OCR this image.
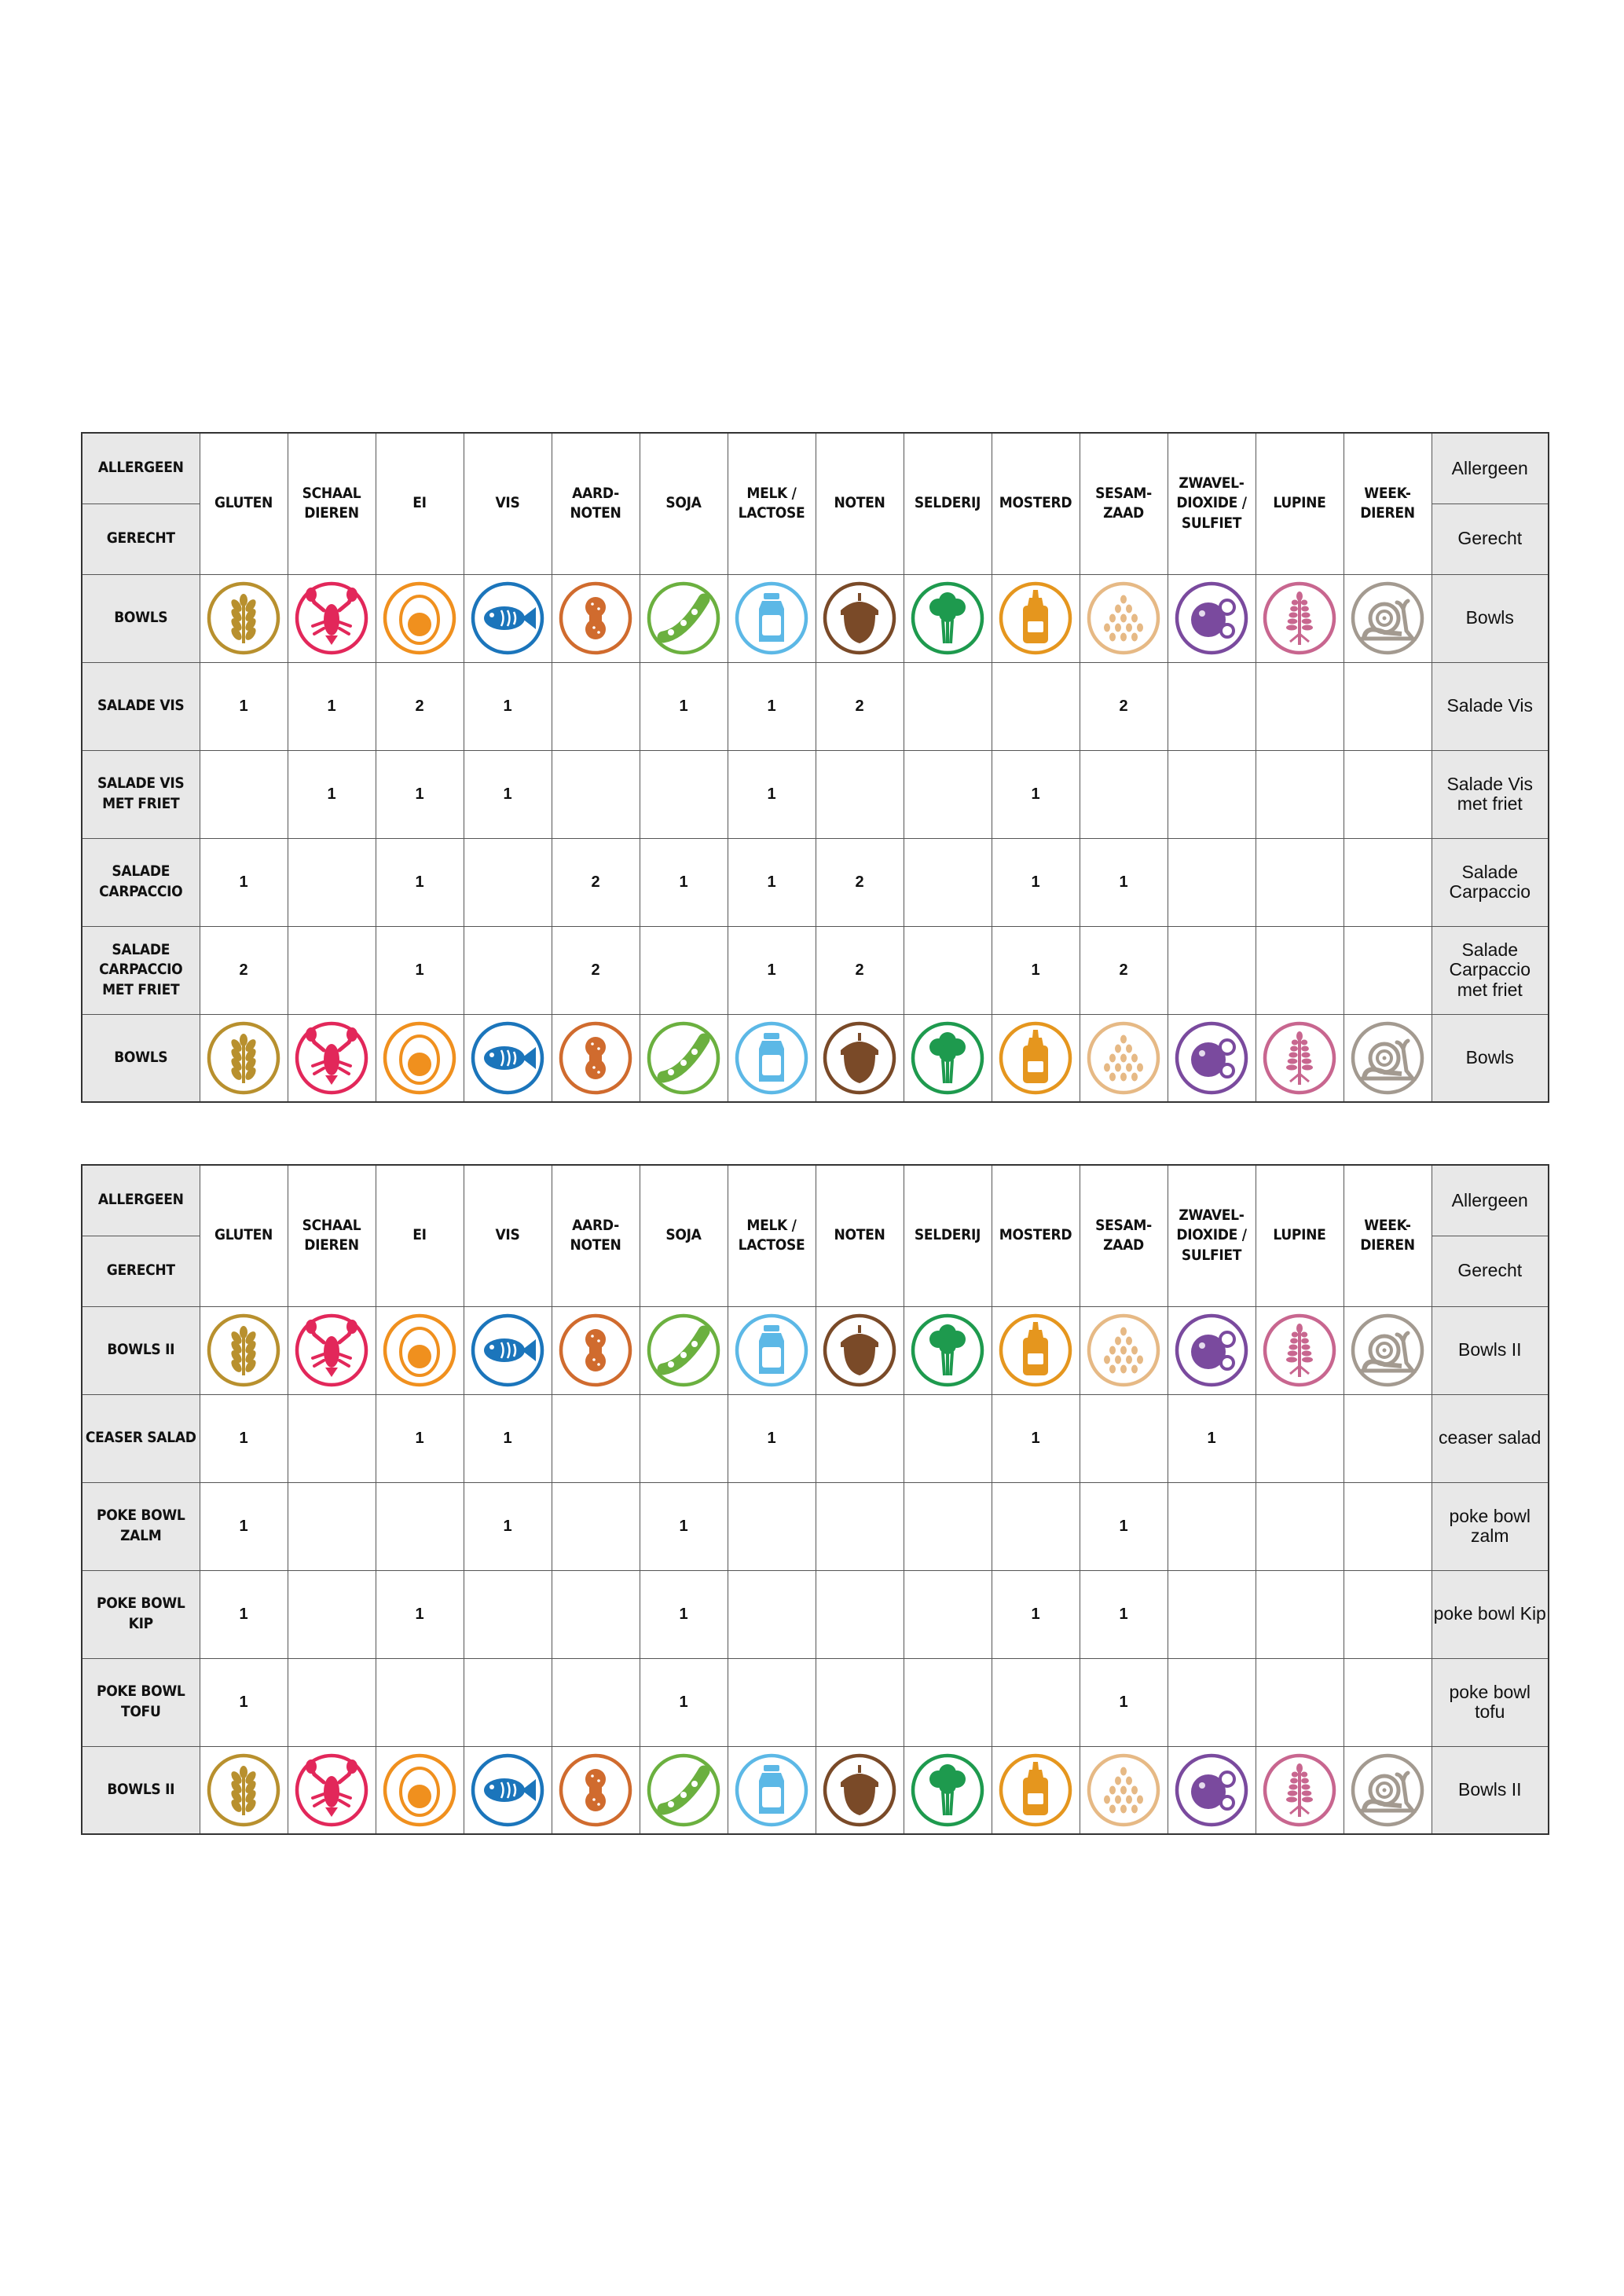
ALLERGEEN	GLUTEN	SCHAAL DIEREN	EI	VIS	AARD- NOTEN	SOJA	MELK / LACTOSE	NOTEN	SELDERIJ	MOSTERD	SESAM- ZAAD	ZWAVEL- DIOXIDE / SULFIET	LUPINE	WEEK- DIEREN	Allergeen
GERECHT															Gerecht
BOWLS															Bowls
SALADE VIS	1	1	2	1		1	1	2			2				Salade Vis
SALADE VIS MET FRIET		1	1	1			1			1					Salade Vis met friet
SALADE CARPACCIO	1		1		2	1	1	2		1	1				Salade Carpaccio
SALADE CARPACCIO MET FRIET	2		1		2		1	2		1	2				Salade Carpaccio met friet
BOWLS															Bowls
ALLERGEEN	GLUTEN	SCHAAL DIEREN	EI	VIS	AARD- NOTEN	SOJA	MELK / LACTOSE	NOTEN	SELDERIJ	MOSTERD	SESAM- ZAAD	ZWAVEL- DIOXIDE / SULFIET	LUPINE	WEEK- DIEREN	Allergeen
GERECHT															Gerecht
BOWLS II															Bowls II
CEASER SALAD	1		1	1			1			1		1			ceaser salad
POKE BOWL ZALM	1			1		1					1				poke bowl zalm
POKE BOWL KIP	1		1			1				1	1				poke bowl Kip
POKE BOWL TOFU	1					1					1				poke bowl tofu
BOWLS II															Bowls II
